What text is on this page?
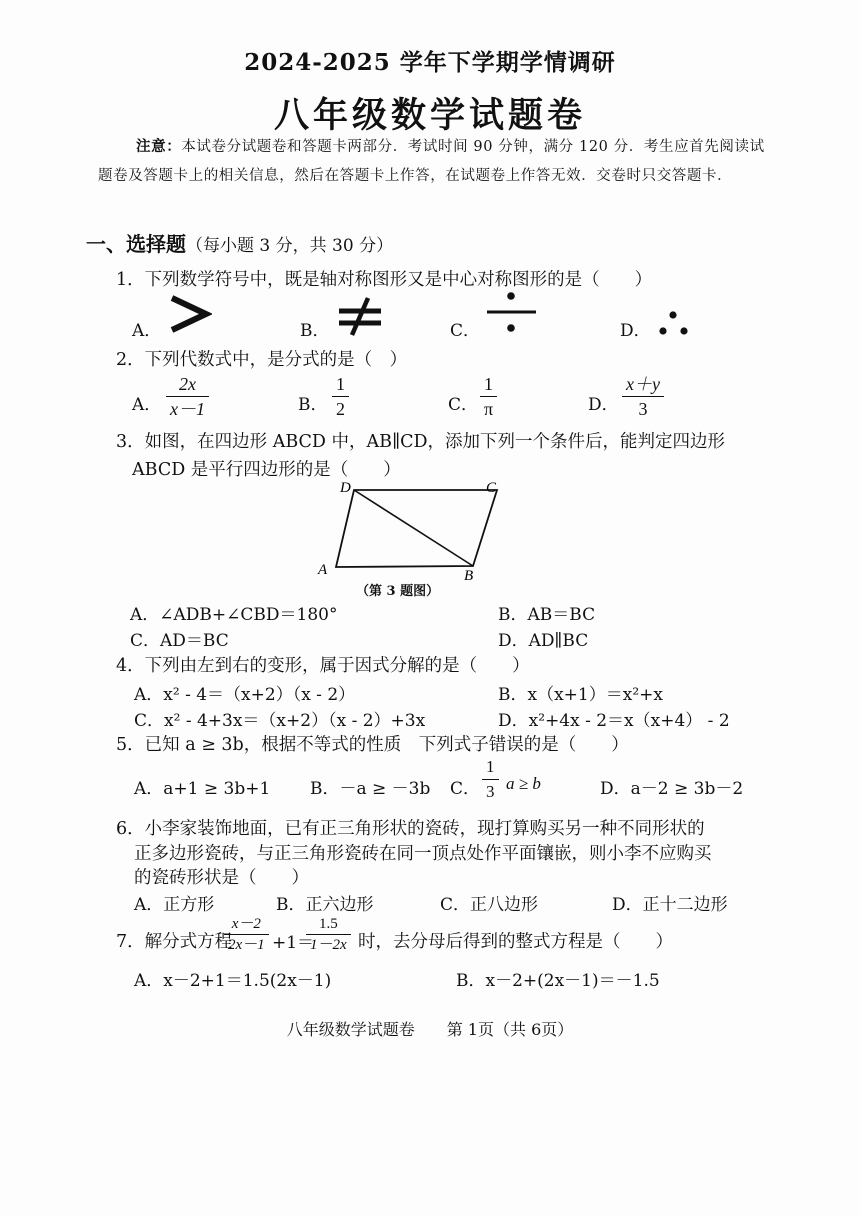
2024-2025 学年下学期学情调研
八年级数学试题卷
注意：本试卷分试题卷和答题卡两部分．考试时间 90 分钟，满分 120 分．考生应首先阅读试题卷及答题卡上的相关信息，然后在答题卡上作答，在试题卷上作答无效．交卷时只交答题卡．
一、选择题（每小题 3 分，共 30 分）
1．下列数学符号中，既是轴对称图形又是中心对称图形的是（　　）
A．	B．	C．	D．
2．下列代数式中，是分式的是（　）
A． $\frac{2x}{x-1}$	B． $\frac{1}{2}$	C． $\frac{1}{\pi}$	D． $\frac{x+y}{3}$
3．如图，在四边形 ABCD 中，AB∥CD，添加下列一个条件后，能判定四边形
ABCD 是平行四边形的是（　　）
A	B
C
D
（第 3 题图）
A．∠ADB+∠CBD＝180°	B．AB＝BC
C．AD＝BC	D．AD∥BC
4．下列由左到右的变形，属于因式分解的是（　　）
A．x² - 4＝（x+2）（x - 2）	B．x（x+1）＝x²+x
C．x² - 4+3x＝（x+2）（x - 2）+3x	D．x²+4x - 2＝x（x+4） - 2
5．已知 a ≥ 3b，根据不等式的性质　下列式子错误的是（　　）
A．a+1 ≥ 3b+1 B．－a ≥ －3b C． $\frac{1}{3}$ a ≥ b	D．a－2 ≥ 3b－2
6．小李家装饰地面，已有正三角形状的瓷砖，现打算购买另一种不同形状的
正多边形瓷砖，与正三角形瓷砖在同一顶点处作平面镶嵌，则小李不应购买
的瓷砖形状是（　　）
A．正方形	B．正六边形	C．正八边形	D．正十二边形
7．解分式方程
$\frac{x-2}{2x-1} +1=$
$\frac{1.5}{1-2x}$ 时，去分母后得到的整式方程是（　　）
A．x－2+1＝1.5(2x－1)	B．x－2+(2x－1)＝－1.5
八年级数学试题卷　　第 1页（共 6页）
